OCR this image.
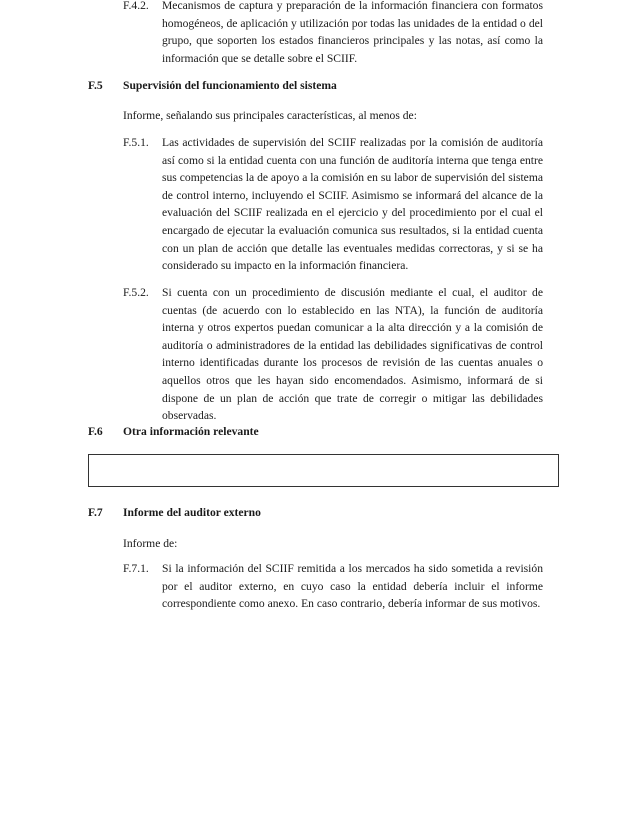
F.4.2. Mecanismos de captura y preparación de la información financiera con formatos homogéneos, de aplicación y utilización por todas las unidades de la entidad o del grupo, que soporten los estados financieros principales y las notas, así como la información que se detalle sobre el SCIIF.

F.5 Supervisión del funcionamiento del sistema

Informe, señalando sus principales características, al menos de:

F.5.1. Las actividades de supervisión del SCIIF realizadas por la comisión de auditoría así como si la entidad cuenta con una función de auditoría interna que tenga entre sus competencias la de apoyo a la comisión en su labor de supervisión del sistema de control interno, incluyendo el SCIIF. Asimismo se informará del alcance de la evaluación del SCIIF realizada en el ejercicio y del procedimiento por el cual el encargado de ejecutar la evaluación comunica sus resultados, si la entidad cuenta con un plan de acción que detalle las eventuales medidas correctoras, y si se ha considerado su impacto en la información financiera.

F.5.2. Si cuenta con un procedimiento de discusión mediante el cual, el auditor de cuentas (de acuerdo con lo establecido en las NTA), la función de auditoría interna y otros expertos puedan comunicar a la alta dirección y a la comisión de auditoría o administradores de la entidad las debilidades significativas de control interno identificadas durante los procesos de revisión de las cuentas anuales o aquellos otros que les hayan sido encomendados. Asimismo, informará de si dispone de un plan de acción que trate de corregir o mitigar las debilidades observadas.

F.6 Otra información relevante

F.7 Informe del auditor externo

Informe de:

F.7.1. Si la información del SCIIF remitida a los mercados ha sido sometida a revisión por el auditor externo, en cuyo caso la entidad debería incluir el informe correspondiente como anexo. En caso contrario, debería informar de sus motivos.
